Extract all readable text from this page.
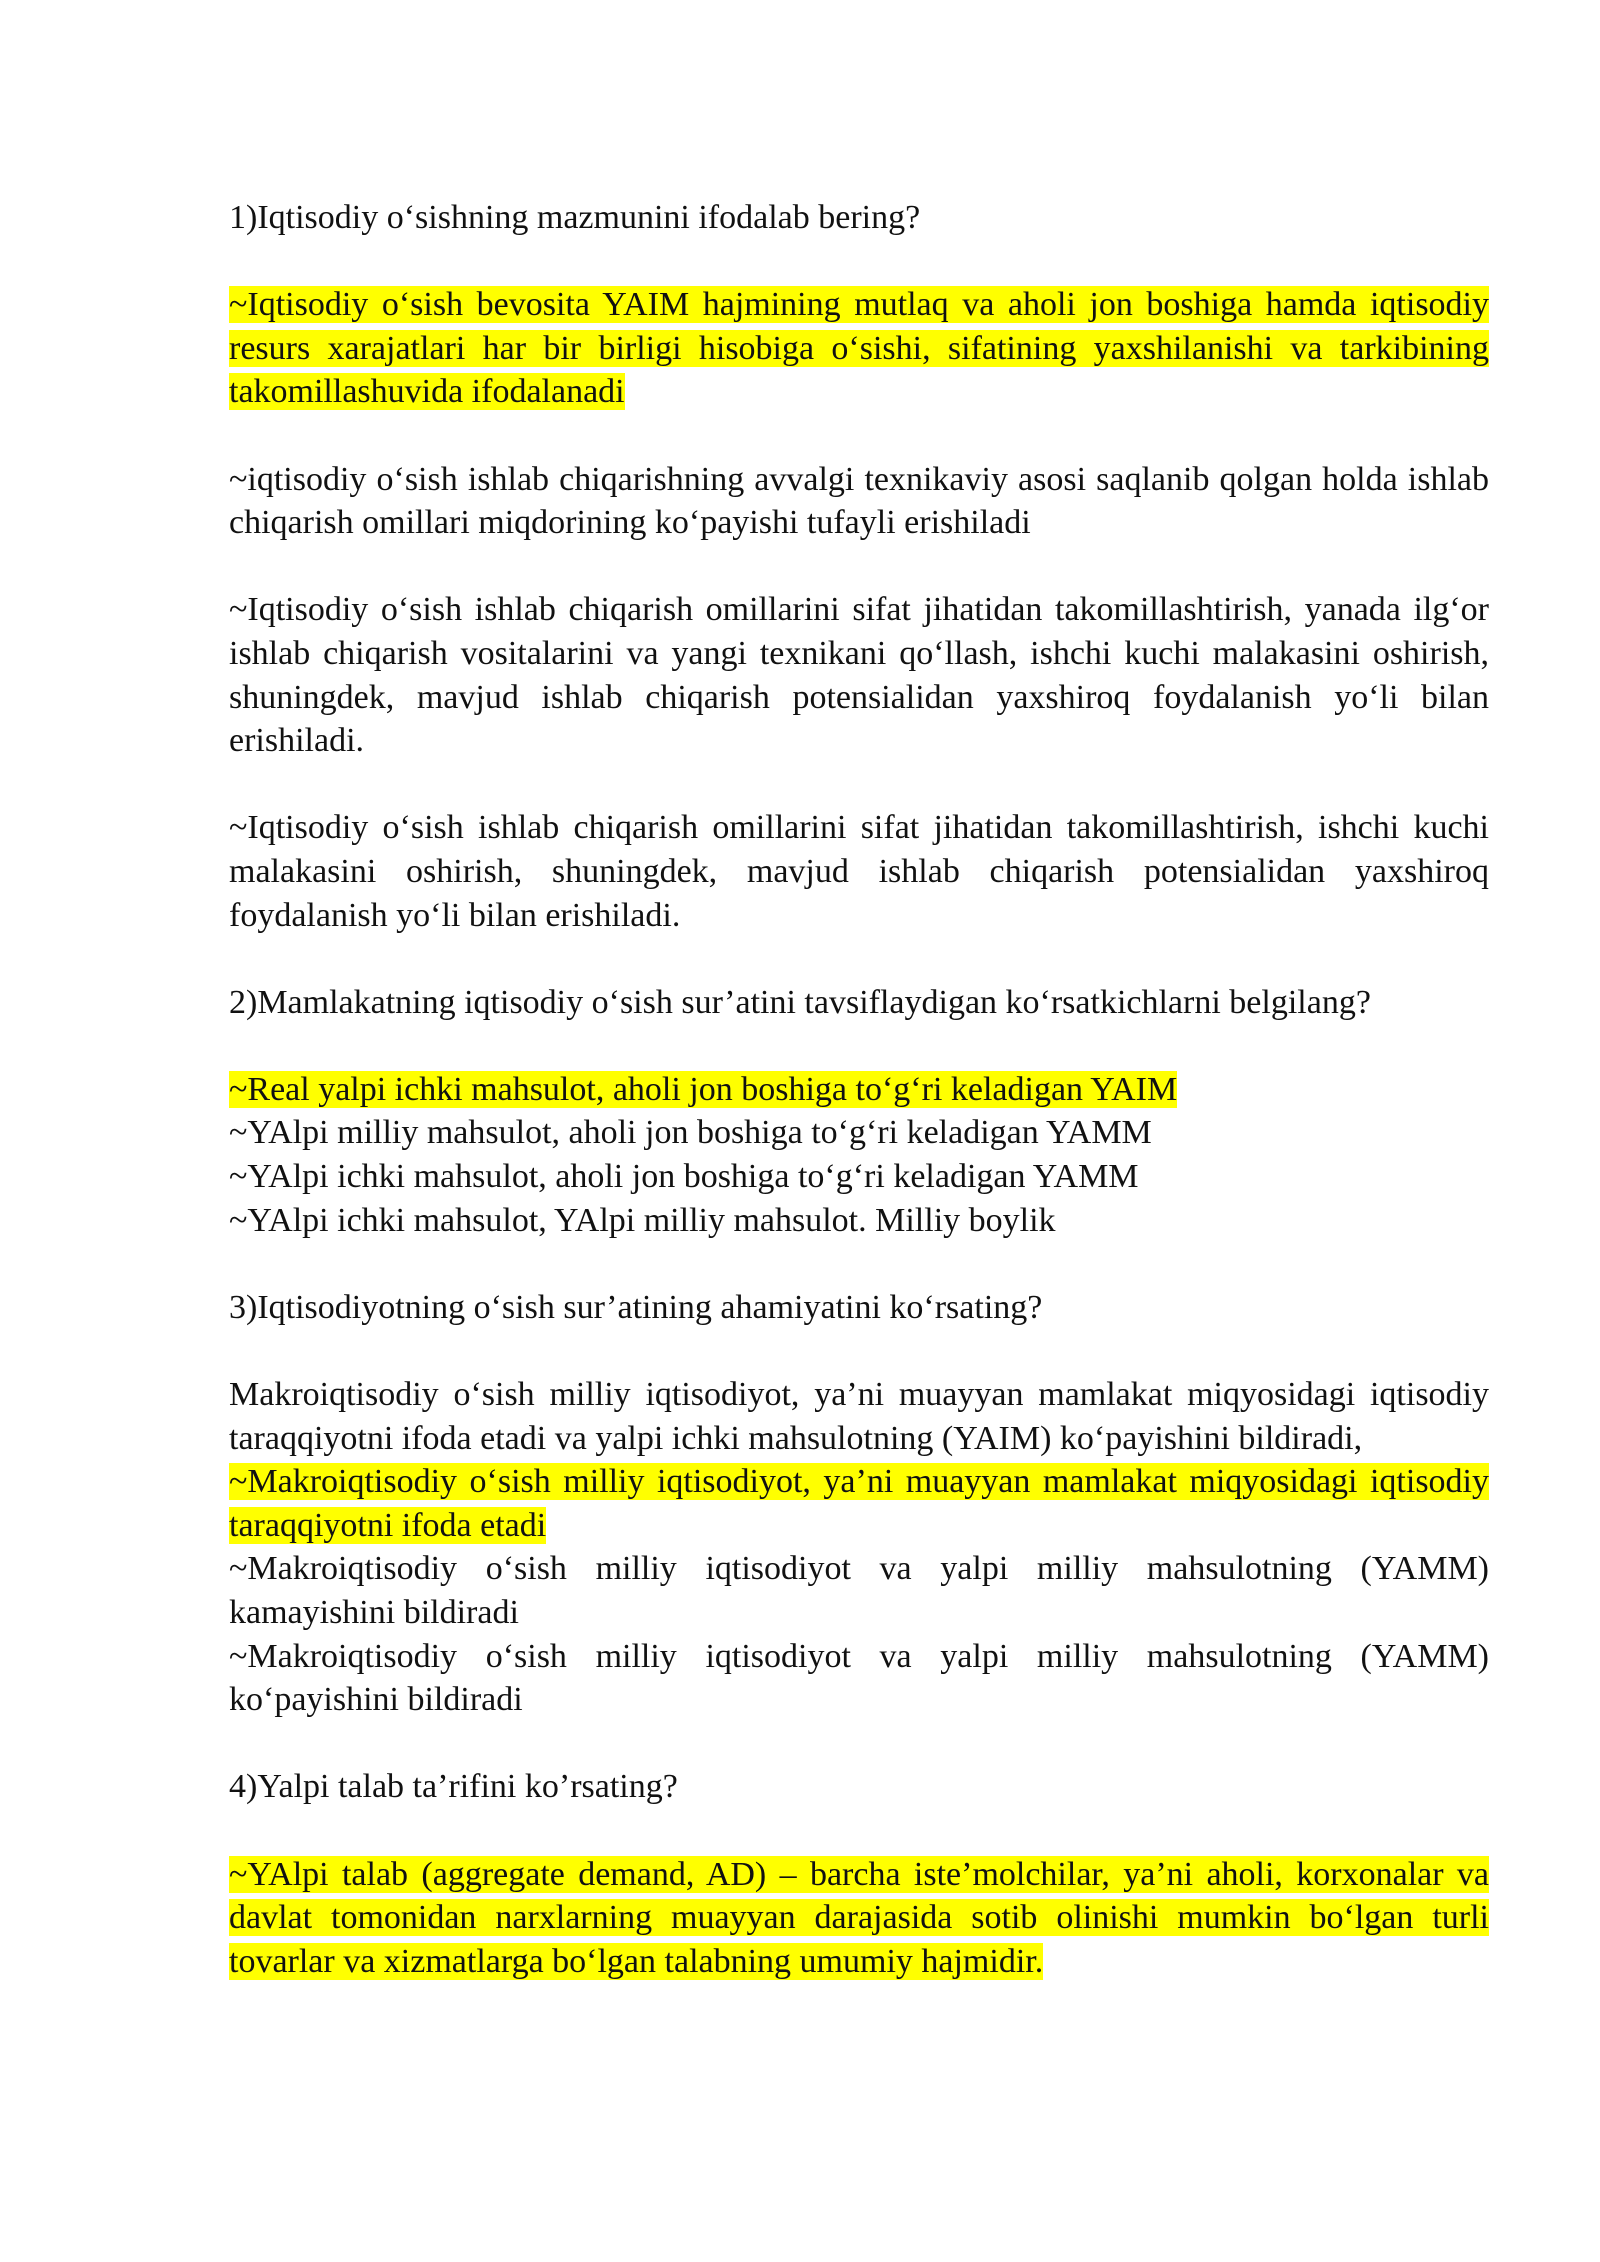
1)Iqtisodiy o‘sishning mazmunini ifodalab bering?

~Iqtisodiy o‘sish bevosita YAIM hajmining mutlaq va aholi jon boshiga hamda iqtisodiy resurs xarajatlari har bir birligi hisobiga o‘sishi, sifatining yaxshilanishi va tarkibining takomillashuvida ifodalanadi

~iqtisodiy o‘sish ishlab chiqarishning avvalgi texnikaviy asosi saqlanib qolgan holda ishlab chiqarish omillari miqdorining ko‘payishi tufayli erishiladi

~Iqtisodiy o‘sish ishlab chiqarish omillarini sifat jihatidan takomillashtirish, yanada ilg‘or ishlab chiqarish vositalarini va yangi texnikani qo‘llash, ishchi kuchi malakasini oshirish, shuningdek, mavjud ishlab chiqarish potensialidan yaxshiroq foydalanish yo‘li bilan erishiladi.

~Iqtisodiy o‘sish ishlab chiqarish omillarini sifat jihatidan takomillashtirish, ishchi kuchi malakasini oshirish, shuningdek, mavjud ishlab chiqarish potensialidan yaxshiroq foydalanish yo‘li bilan erishiladi.

2)Mamlakatning iqtisodiy o‘sish sur’atini tavsiflaydigan ko‘rsatkichlarni belgilang?

~Real yalpi ichki mahsulot, aholi jon boshiga to‘g‘ri keladigan YAIM

~YAlpi milliy mahsulot, aholi jon boshiga to‘g‘ri keladigan YAMM

~YAlpi ichki mahsulot, aholi jon boshiga to‘g‘ri keladigan YAMM

~YAlpi ichki mahsulot, YAlpi milliy mahsulot. Milliy boylik

3)Iqtisodiyotning o‘sish sur’atining ahamiyatini ko‘rsating?

Makroiqtisodiy o‘sish milliy iqtisodiyot, ya’ni muayyan mamlakat miqyosidagi iqtisodiy taraqqiyotni ifoda etadi va yalpi ichki mahsulotning (YAIM) ko‘payishini bildiradi,

~Makroiqtisodiy o‘sish milliy iqtisodiyot, ya’ni muayyan mamlakat miqyosidagi iqtisodiy taraqqiyotni ifoda etadi

~Makroiqtisodiy o‘sish milliy iqtisodiyot va yalpi milliy mahsulotning (YAMM) kamayishini bildiradi

~Makroiqtisodiy o‘sish milliy iqtisodiyot va yalpi milliy mahsulotning (YAMM) ko‘payishini bildiradi

4)Yalpi talab ta’rifini ko’rsating?

~YAlpi talab (aggregate demand, AD) – barcha iste’molchilar, ya’ni aholi, korxonalar va davlat tomonidan narxlarning muayyan darajasida sotib olinishi mumkin bo‘lgan turli tovarlar va xizmatlarga bo‘lgan talabning umumiy hajmidir.
